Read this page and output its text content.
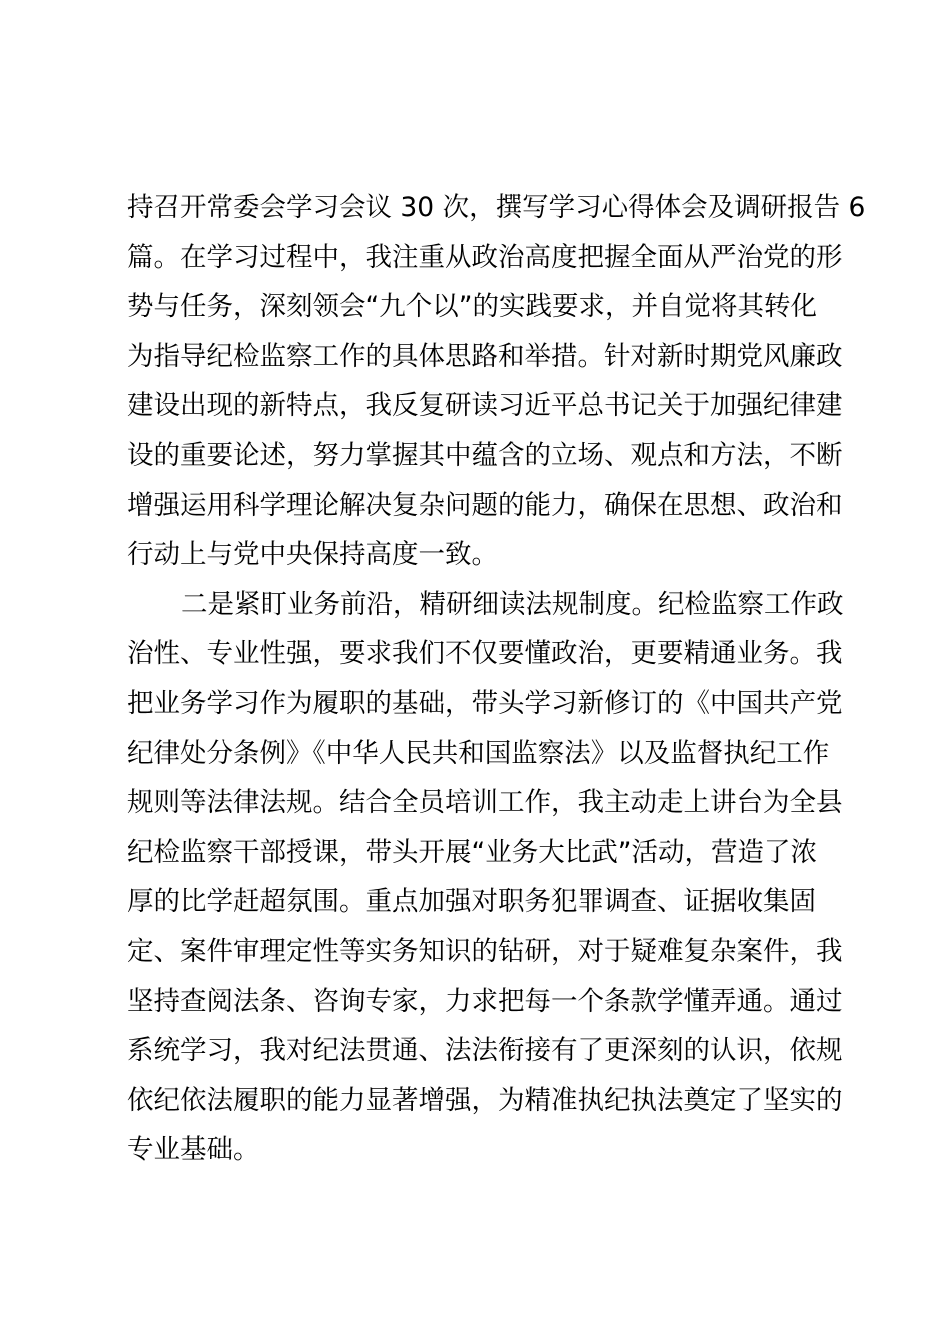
持召开常委会学习会议 30 次，撰写学习心得体会及调研报告 6
篇。在学习过程中，我注重从政治高度把握全面从严治党的形
势与任务，深刻领会“九个以”的实践要求，并自觉将其转化
为指导纪检监察工作的具体思路和举措。针对新时期党风廉政
建设出现的新特点，我反复研读习近平总书记关于加强纪律建
设的重要论述，努力掌握其中蕴含的立场、观点和方法，不断
增强运用科学理论解决复杂问题的能力，确保在思想、政治和
行动上与党中央保持高度一致。
二是紧盯业务前沿，精研细读法规制度。纪检监察工作政
治性、专业性强，要求我们不仅要懂政治，更要精通业务。我
把业务学习作为履职的基础，带头学习新修订的《中国共产党
纪律处分条例》《中华人民共和国监察法》以及监督执纪工作
规则等法律法规。结合全员培训工作，我主动走上讲台为全县
纪检监察干部授课，带头开展“业务大比武”活动，营造了浓
厚的比学赶超氛围。重点加强对职务犯罪调查、证据收集固
定、案件审理定性等实务知识的钻研，对于疑难复杂案件，我
坚持查阅法条、咨询专家，力求把每一个条款学懂弄通。通过
系统学习，我对纪法贯通、法法衔接有了更深刻的认识，依规
依纪依法履职的能力显著增强，为精准执纪执法奠定了坚实的
专业基础。
